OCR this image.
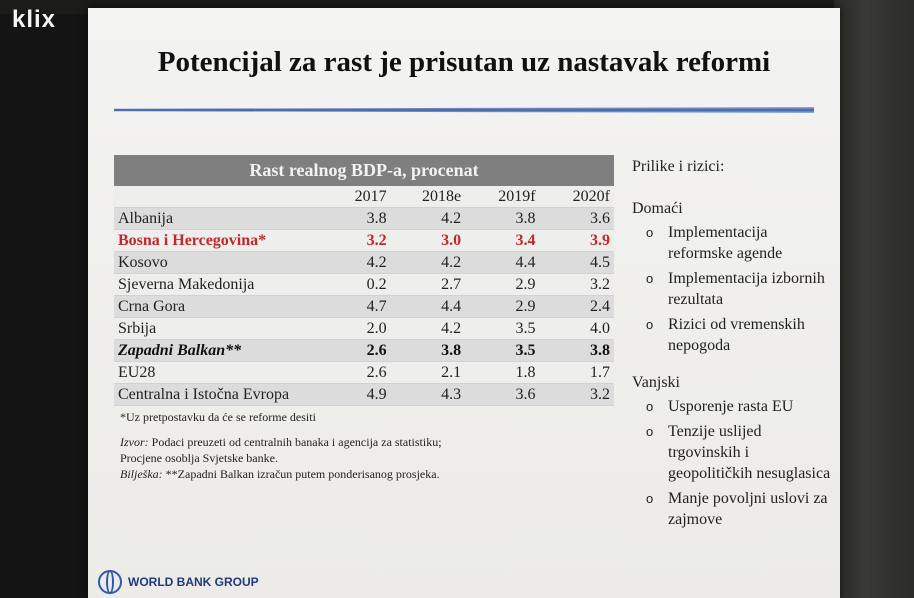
klix
Potencijal za rast je prisutan uz nastavak reformi
Rast realnog BDP-a, procenat
	2017	2018e	2019f	2020f
Albanija	3.8	4.2	3.8	3.6
Bosna i Hercegovina*	3.2	3.0	3.4	3.9
Kosovo	4.2	4.2	4.4	4.5
Sjeverna Makedonija	0.2	2.7	2.9	3.2
Crna Gora	4.7	4.4	2.9	2.4
Srbija	2.0	4.2	3.5	4.0
Zapadni Balkan**	2.6	3.8	3.5	3.8
EU28	2.6	2.1	1.8	1.7
Centralna i Istočna Evropa	4.9	4.3	3.6	3.2
*Uz pretpostavku da će se reforme desiti
Izvor: Podaci preuzeti od centralnih banaka i agencija za statistiku; Procjene osoblja Svjetske banke.
Bilješka: **Zapadni Balkan izračun putem ponderisanog prosjeka.
Prilike i rizici:
Domaći
o Implementacija reformske agende
o Implementacija izbornih rezultata
o Rizici od vremenskih nepogoda
Vanjski
o Usporenje rasta EU
o Tenzije uslijed trgovinskih i geopolitičkih nesuglasica
o Manje povoljni uslovi za zajmove
WORLD BANK GROUP
